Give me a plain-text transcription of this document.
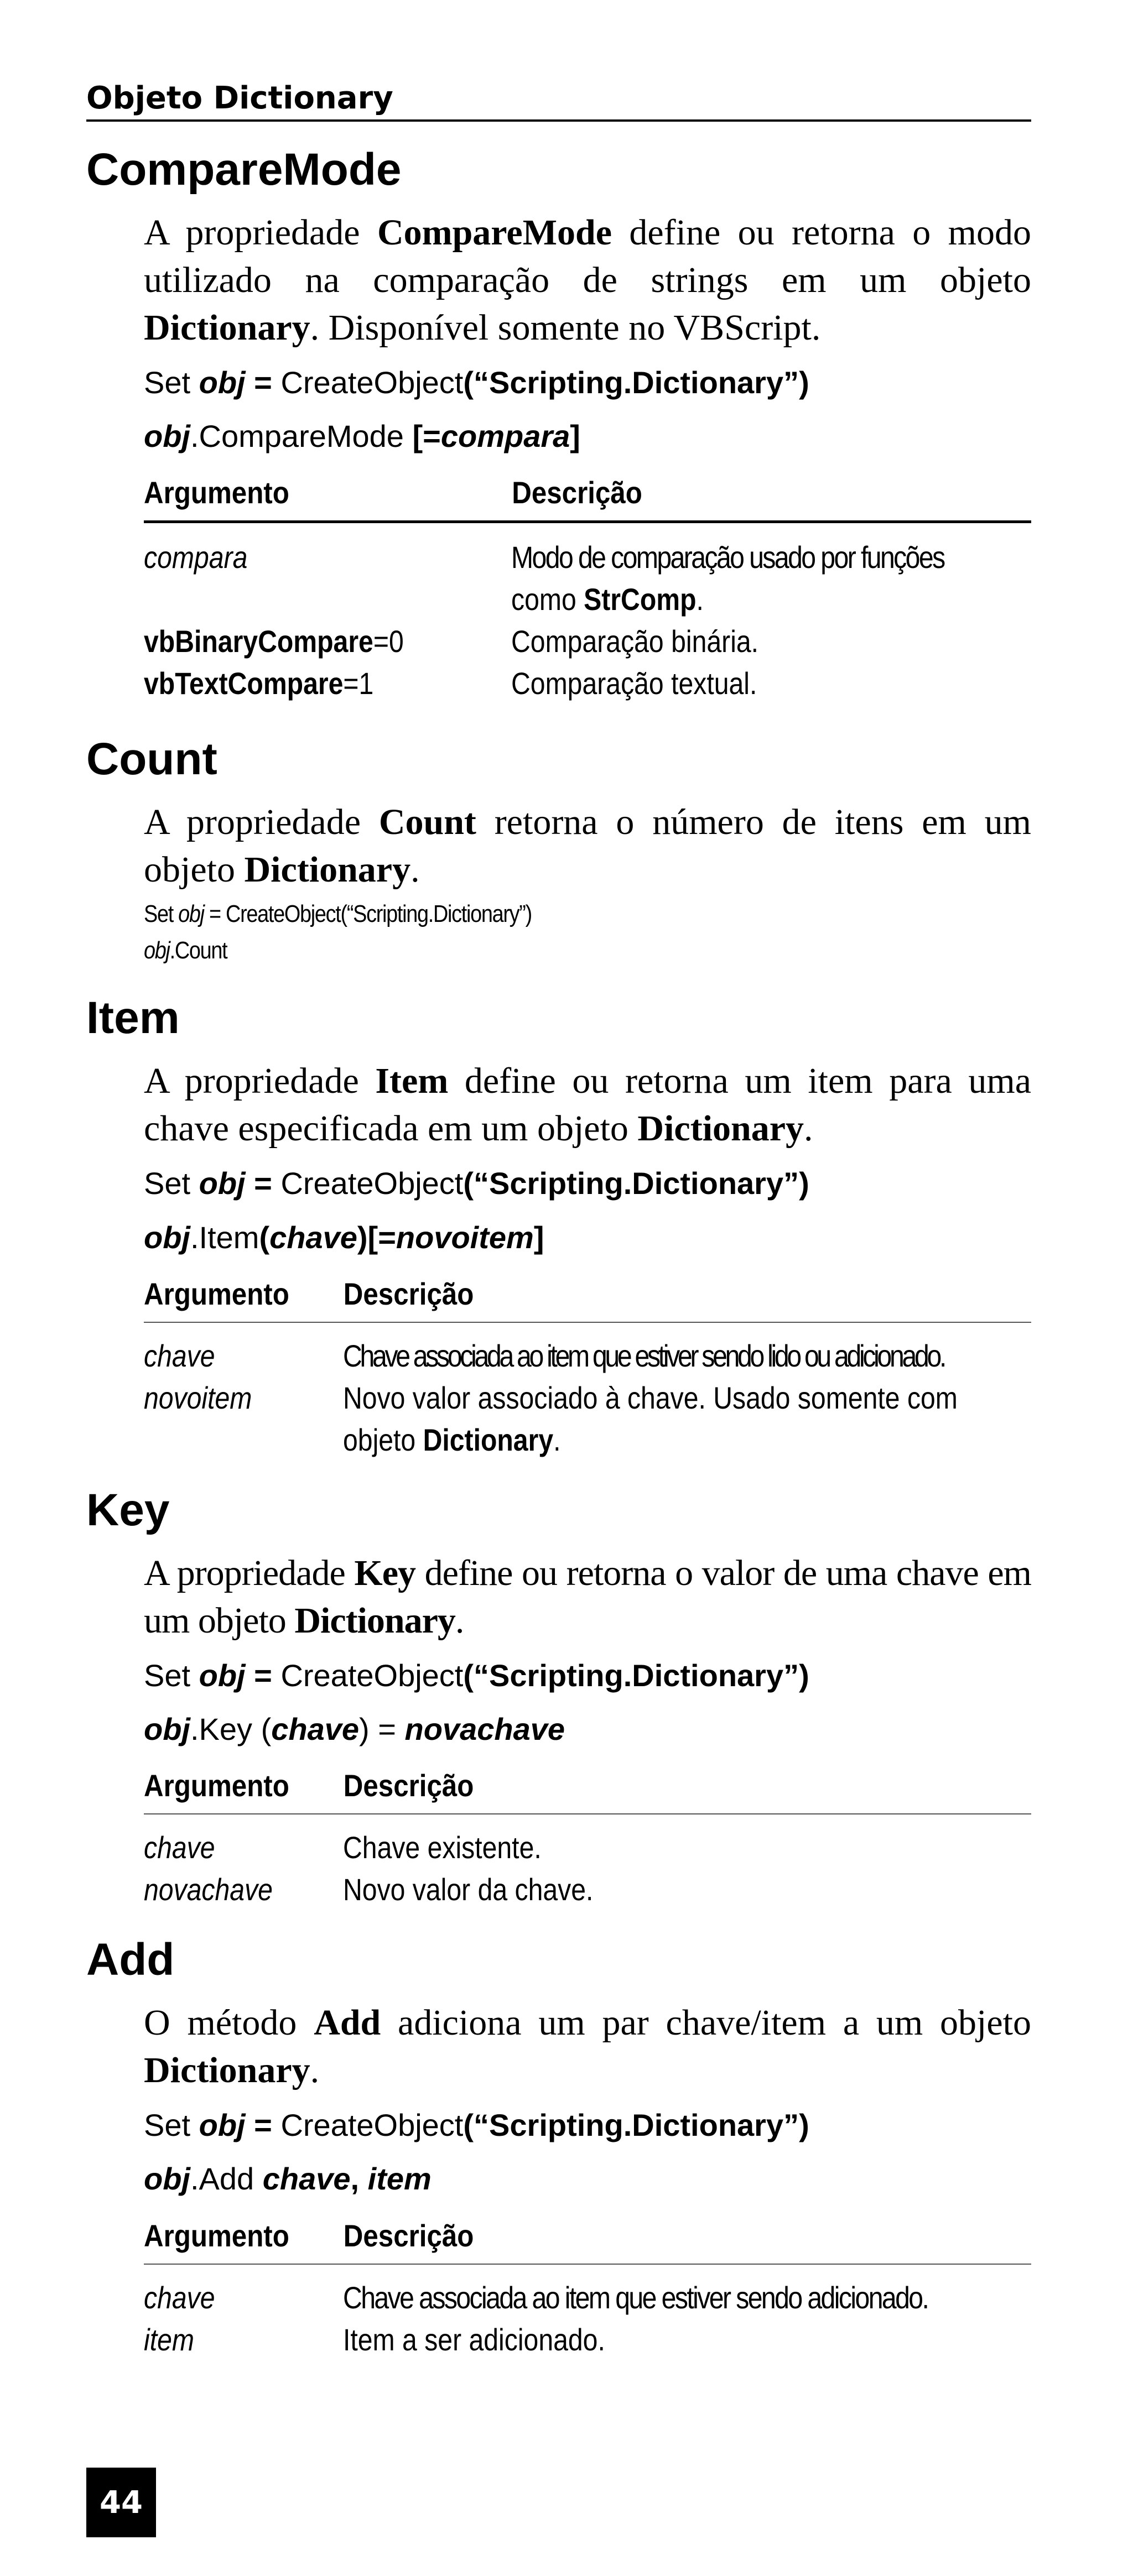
Objeto Dictionary
CompareMode

A propriedade CompareMode define ou retorna o modo utilizado na comparação de strings em um objeto Dictionary. Disponível somente no VBScript.

Set obj = CreateObject(“Scripting.Dictionary”)
obj.CompareMode [=compara]
Argumento	Descrição
compara	Modo de comparação usado por funções
como StrComp.
vbBinaryCompare=0	Comparação binária.
vbTextCompare=1	Comparação textual.
Count

A propriedade Count retorna o número de itens em um objeto Dictionary.

Set obj = CreateObject(“Scripting.Dictionary”)
obj.Count
Item

A propriedade Item define ou retorna um item para uma chave especificada em um objeto Dictionary.

Set obj = CreateObject(“Scripting.Dictionary”)
obj.Item(chave)[=novoitem]
Argumento	Descrição
chave	Chave associada ao item que estiver sendo lido ou adicionado.
novoitem	Novo valor associado à chave. Usado somente com
objeto Dictionary.
Key

A propriedade Key define ou retorna o valor de uma chave em um objeto Dictionary.

Set obj = CreateObject(“Scripting.Dictionary”)
obj.Key (chave) = novachave
Argumento	Descrição
chave	Chave existente.
novachave	Novo valor da chave.
Add

O método Add adiciona um par chave/item a um objeto Dictionary.

Set obj = CreateObject(“Scripting.Dictionary”)
obj.Add chave, item
Argumento	Descrição
chave	Chave associada ao item que estiver sendo adicionado.
item	Item a ser adicionado.
44
